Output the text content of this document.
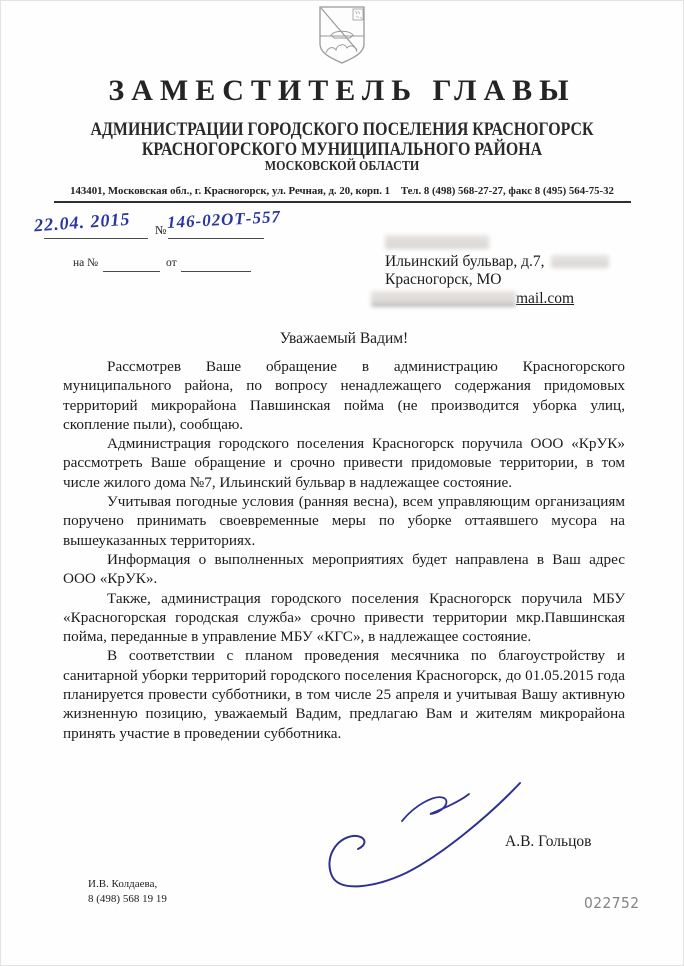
ЗАМЕСТИТЕЛЬ ГЛАВЫ
АДМИНИСТРАЦИИ ГОРОДСКОГО ПОСЕЛЕНИЯ КРАСНОГОРСК
КРАСНОГОРСКОГО МУНИЦИПАЛЬНОГО РАЙОНА
МОСКОВСКОЙ ОБЛАСТИ
143401, Московская обл., г. Красногорск, ул. Речная, д. 20, корп. 1  Тел. 8 (498) 568-27-27, факс 8 (495) 564-75-32
22.04. 2015 № 146-02ОТ-557
на №	от	Ильинский бульвар, д.7,
Красногорск, МО
mail.com
Уважаемый Вадим!

Рассмотрев Ваше обращение в администрацию Красногорского муниципального района, по вопросу ненадлежащего содержания придомовых территорий микрорайона Павшинская пойма (не производится уборка улиц, скопление пыли), сообщаю.

Администрация городского поселения Красногорск поручила ООО «КрУК» рассмотреть Ваше обращение и срочно привести придомовые территории, в том числе жилого дома №7, Ильинский бульвар в надлежащее состояние.

Учитывая погодные условия (ранняя весна), всем управляющим организациям поручено принимать своевременные меры по уборке оттаявшего мусора на вышеуказанных территориях.

Информация о выполненных мероприятиях будет направлена в Ваш адрес ООО «КрУК».

Также, администрация городского поселения Красногорск поручила МБУ «Красногорская городская служба» срочно привести территории мкр.Павшинская пойма, переданные в управление МБУ «КГС», в надлежащее состояние.

В соответствии с планом проведения месячника по благоустройству и санитарной уборки территорий городского поселения Красногорск, до 01.05.2015 года планируется провести субботники, в том числе 25 апреля и учитывая Вашу активную жизненную позицию, уважаемый Вадим, предлагаю Вам и жителям микрорайона принять участие в проведении субботника.

А.В. Гольцов
И.В. Колдаева,
8 (498) 568 19 19	022752
